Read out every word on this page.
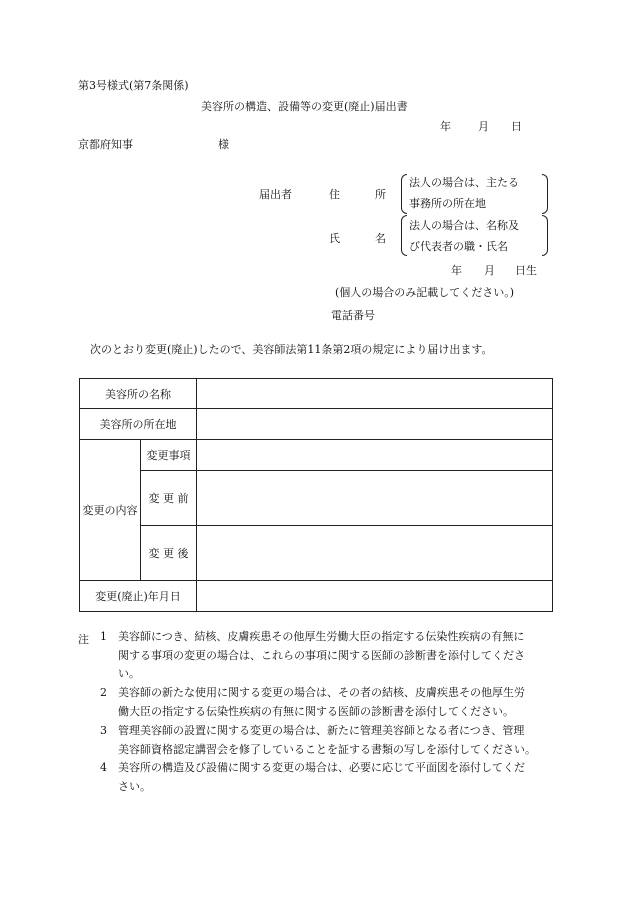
第3号様式(第7条関係)
美容所の構造、設備等の変更(廃止)届出書
年 月 日
京都府知事	様
届出者	住　所
法人の場合は、主たる
事務所の所在地
法人の場合は、名称及
氏　名
び代表者の職・氏名
年 月 日生
(個人の場合のみ記載してください。)
電話番号
次のとおり変更(廃止)したので、美容師法第11条第2項の規定により届け出ます。
美容所の名称		
美容所の所在地		
変更の内容	変更事項	
	変 更 前	
	変 更 後	
変更(廃止)年月日		
注	1 美容師につき、結核、皮膚疾患その他厚生労働大臣の指定する伝染性疾病の有無に
関する事項の変更の場合は、これらの事項に関する医師の診断書を添付してくださ
い。
2 美容師の新たな使用に関する変更の場合は、その者の結核、皮膚疾患その他厚生労
働大臣の指定する伝染性疾病の有無に関する医師の診断書を添付してください。
3 管理美容師の設置に関する変更の場合は、新たに管理美容師となる者につき、管理
美容師資格認定講習会を修了していることを証する書類の写しを添付してください。
4 美容所の構造及び設備に関する変更の場合は、必要に応じて平面図を添付してくだ
さい。
